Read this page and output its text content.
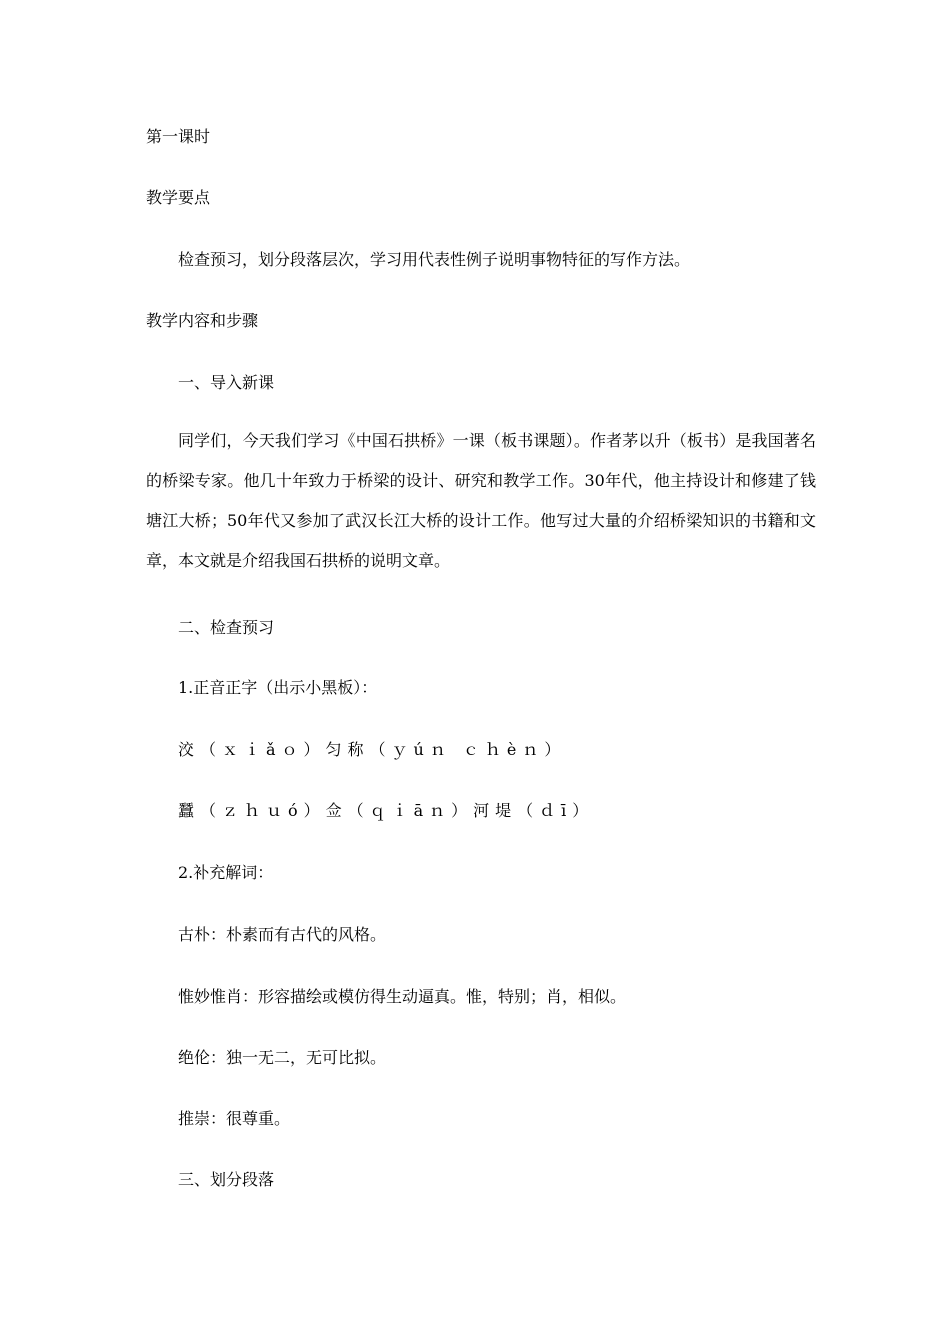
第一课时

教学要点

检查预习，划分段落层次，学习用代表性例子说明事物特征的写作方法。

教学内容和步骤

一、导入新课

同学们，今天我们学习《中国石拱桥》一课（板书课题）。作者茅以升（板书）是我国著名的桥梁专家。他几十年致力于桥梁的设计、研究和教学工作。30年代，他主持设计和修建了钱 塘江大桥；50年代又参加了武汉长江大桥的设计工作。他写过大量的介绍桥梁知识的书籍和文章，本文就是介绍我国石拱桥的说明文章。

二、检查预习

1.正音正字（出示小黑板）：

洨（ｘｉǎｏ）匀称（ｙúｎ ｃｈèｎ）

蠶（ｚｈｕó）佥（ｑｉāｎ）河堤（ｄī）

2.补充解词：

古朴：朴素而有古代的风格。

惟妙惟肖：形容描绘或模仿得生动逼真。惟，特别；肖，相似。

绝伦：独一无二，无可比拟。

推崇：很尊重。

三、划分段落
